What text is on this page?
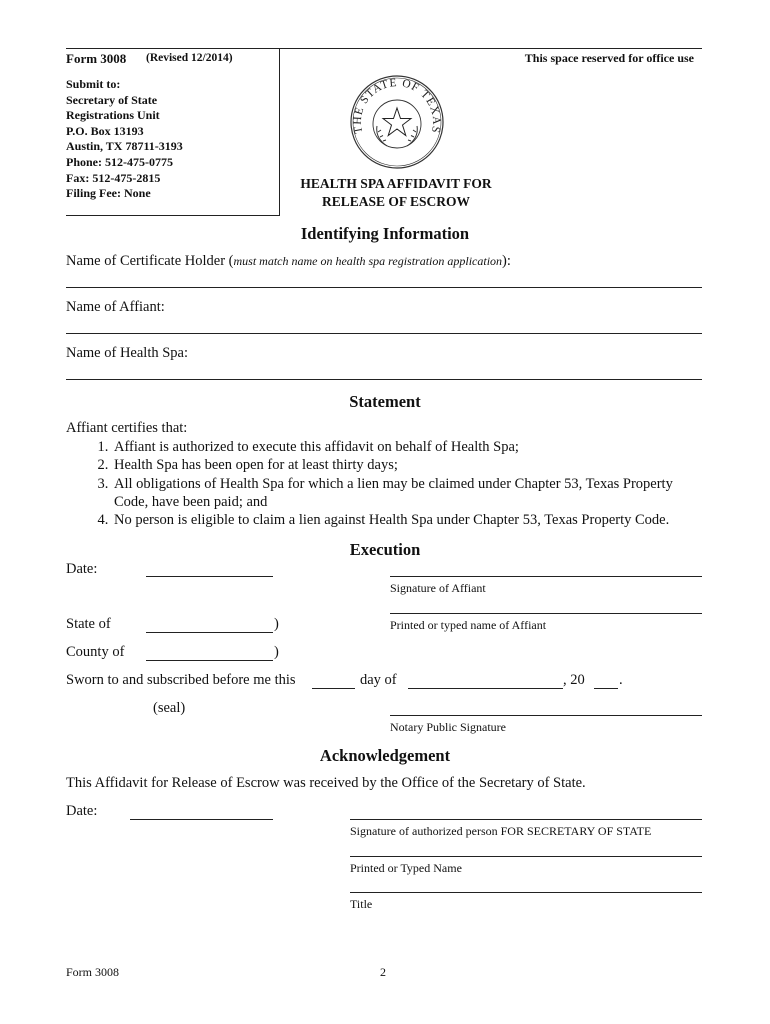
Form 3008 (Revised 12/2014)	This space reserved for office use
Submit to:
Secretary of State
Registrations Unit
P.O. Box 13193
Austin, TX 78711-3193
Phone: 512-475-0775
Fax: 512-475-2815
Filing Fee: None
THE STATE OF TEXAS
HEALTH SPA AFFIDAVIT FOR
RELEASE OF ESCROW
Identifying Information
Name of Certificate Holder (must match name on health spa registration application):
Name of Affiant:
Name of Health Spa:
Statement
Affiant certifies that:
1. Affiant is authorized to execute this affidavit on behalf of Health Spa;
2. Health Spa has been open for at least thirty days;
3. All obligations of Health Spa for which a lien may be claimed under Chapter 53, Texas Property Code, have been paid; and
4. No person is eligible to claim a lien against Health Spa under Chapter 53, Texas Property Code.
Execution
Date:
Signature of Affiant
State of	)	Printed or typed name of Affiant
County of	)
Sworn to and subscribed before me this	day of	, 20 .
(seal)
Notary Public Signature
Acknowledgement
This Affidavit for Release of Escrow was received by the Office of the Secretary of State.
Date:
Signature of authorized person FOR SECRETARY OF STATE
Printed or Typed Name
Title
Form 3008	2
